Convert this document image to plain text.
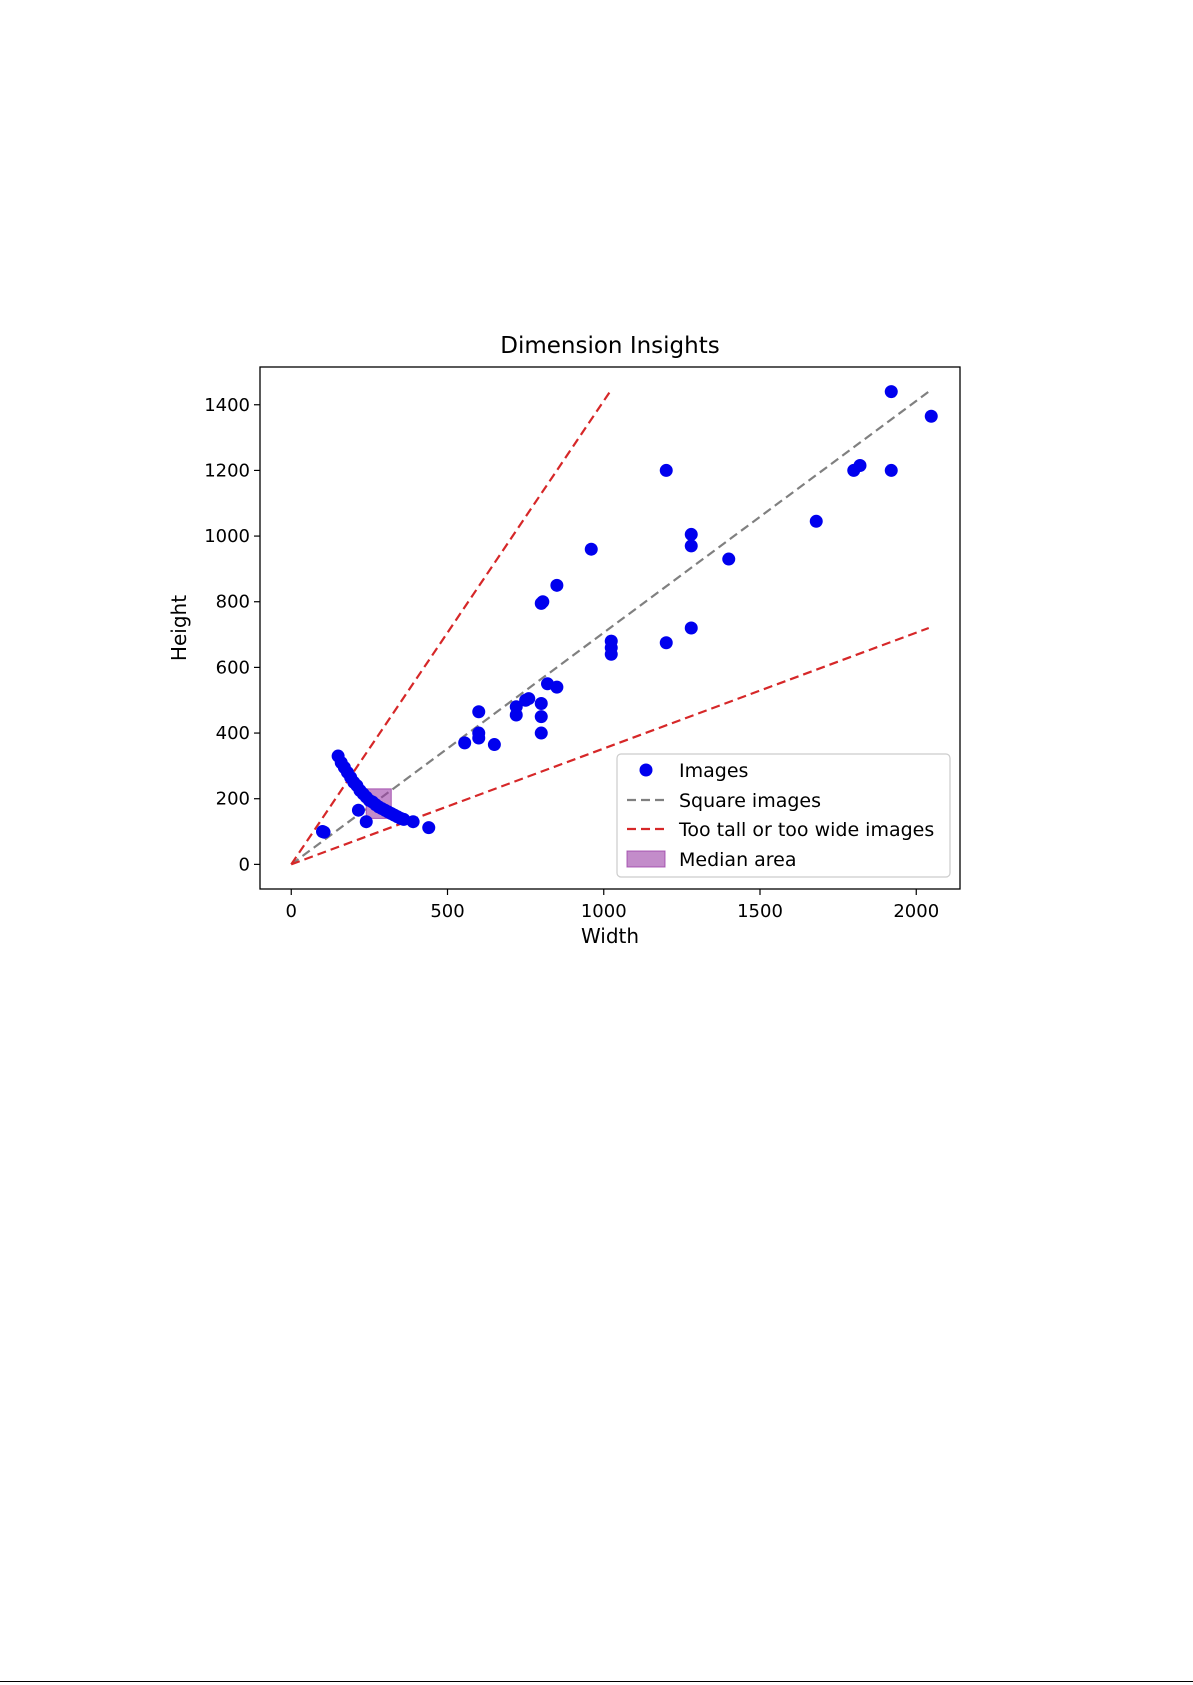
Dimension Insights
0	500	1000	1500	2000
0
200
400
600
800
1000
1200
1400
Width
Height
Images
Square images
Too tall or too wide images
Median area
